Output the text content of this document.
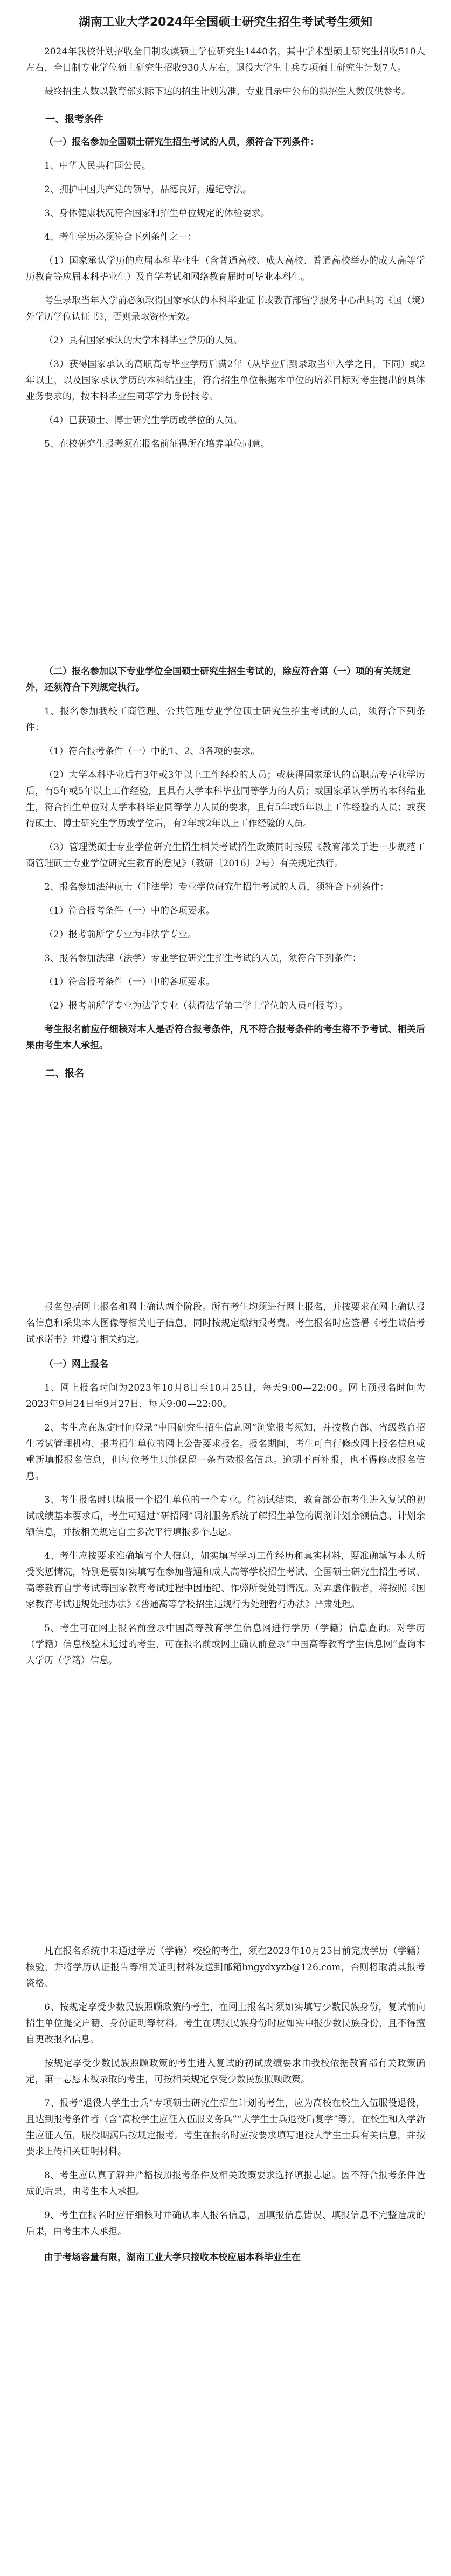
湖南工业大学2024年全国硕士研究生招生考试考生须知

2024年我校计划招收全日制攻读硕士学位研究生1440名，其中学术型硕士研究生招收510人左右，全日制专业学位硕士研究生招收930人左右，退役大学生士兵专项硕士研究生计划7人。

最终招生人数以教育部实际下达的招生计划为准，专业目录中公布的拟招生人数仅供参考。

一、报考条件
（一）报名参加全国硕士研究生招生考试的人员，须符合下列条件：

1、中华人民共和国公民。

2、拥护中国共产党的领导，品德良好，遵纪守法。

3、身体健康状况符合国家和招生单位规定的体检要求。

4、考生学历必须符合下列条件之一：

（1）国家承认学历的应届本科毕业生（含普通高校、成人高校、普通高校举办的成人高等学历教育等应届本科毕业生）及自学考试和网络教育届时可毕业本科生。

考生录取当年入学前必须取得国家承认的本科毕业证书或教育部留学服务中心出具的《国（境）外学历学位认证书》，否则录取资格无效。

（2）具有国家承认的大学本科毕业学历的人员。

（3）获得国家承认的高职高专毕业学历后满2年（从毕业后到录取当年入学之日，下同）或2年以上，以及国家承认学历的本科结业生，符合招生单位根据本单位的培养目标对考生提出的具体业务要求的，按本科毕业生同等学力身份报考。

（4）已获硕士、博士研究生学历或学位的人员。

5、在校研究生报考须在报名前征得所在培养单位同意。

（二）报名参加以下专业学位全国硕士研究生招生考试的，除应符合第（一）项的有关规定外，还须符合下列规定执行。

1、报名参加我校工商管理、公共管理专业学位硕士研究生招生考试的人员，须符合下列条件：

（1）符合报考条件（一）中的1、2、3各项的要求。

（2）大学本科毕业后有3年或3年以上工作经验的人员；或获得国家承认的高职高专毕业学历后，有5年或5年以上工作经验，且具有大学本科毕业同等学力的人员；或国家承认学历的本科结业生，符合招生单位对大学本科毕业同等学力人员的要求，且有5年或5年以上工作经验的人员；或获得硕士、博士研究生学历或学位后，有2年或2年以上工作经验的人员。

（3）管理类硕士专业学位研究生招生相关考试招生政策同时按照《教育部关于进一步规范工商管理硕士专业学位研究生教育的意见》（教研〔2016〕2号）有关规定执行。

2、报名参加法律硕士（非法学）专业学位研究生招生考试的人员，须符合下列条件：

（1）符合报考条件（一）中的各项要求。

（2）报考前所学专业为非法学专业。

3、报名参加法律（法学）专业学位研究生招生考试的人员，须符合下列条件：

（1）符合报考条件（一）中的各项要求。

（2）报考前所学专业为法学专业（获得法学第二学士学位的人员可报考）。

考生报名前应仔细核对本人是否符合报考条件，凡不符合报考条件的考生将不予考试、相关后果由考生本人承担。

二、报名

报名包括网上报名和网上确认两个阶段。所有考生均须进行网上报名，并按要求在网上确认报名信息和采集本人图像等相关电子信息，同时按规定缴纳报考费。考生报名时应签署《考生诚信考试承诺书》并遵守相关约定。

（一）网上报名

1、网上报名时间为2023年10月8日至10月25日，每天9:00—22:00。网上预报名时间为2023年9月24日至9月27日，每天9:00—22:00。

2、考生应在规定时间登录“中国研究生招生信息网”浏览报考须知，并按教育部、省级教育招生考试管理机构、报考招生单位的网上公告要求报名。报名期间，考生可自行修改网上报名信息或重新填报报名信息，但每位考生只能保留一条有效报名信息。逾期不再补报，也不得修改报名信息。

3、考生报名时只填报一个招生单位的一个专业。待初试结束，教育部公布考生进入复试的初试成绩基本要求后，考生可通过“研招网”调剂服务系统了解招生单位的调剂计划余额信息、计划余额信息，并按相关规定自主多次平行填报多个志愿。

4、考生应按要求准确填写个人信息，如实填写学习工作经历和真实材料，要准确填写本人所受奖惩情况，特别是要如实填写在参加普通和成人高等学校招生考试、全国硕士研究生招生考试、高等教育自学考试等国家教育考试过程中因违纪、作弊所受处罚情况。对弄虚作假者，将按照《国家教育考试违规处理办法》《普通高等学校招生违规行为处理暂行办法》严肃处理。

5、考生可在网上报名前登录中国高等教育学生信息网进行学历（学籍）信息查询。对学历（学籍）信息核验未通过的考生，可在报名前或网上确认前登录“中国高等教育学生信息网”查询本人学历（学籍）信息。

凡在报名系统中未通过学历（学籍）校验的考生，须在2023年10月25日前完成学历（学籍）核验，并将学历认证报告等相关证明材料发送到邮箱hngydxyzb@126.com，否则将取消其报考资格。

6、按规定享受少数民族照顾政策的考生，在网上报名时须如实填写少数民族身份，复试前向招生单位提交户籍、身份证明等材料。考生在填报民族身份时应如实申报少数民族身份，且不得擅自更改报名信息。

按规定享受少数民族照顾政策的考生进入复试的初试成绩要求由我校依据教育部有关政策确定，第一志愿未被录取的考生，可按相关规定享受少数民族照顾政策。

7、报考“退役大学生士兵”专项硕士研究生招生计划的考生，应为高校在校生入伍服役退役，且达到报考条件者（含“高校学生应征入伍服义务兵”“大学生士兵退役后复学”等），在校生和入学新生应征入伍，服役期满后按规定报考。考生在报名时应按要求填写退役大学生士兵有关信息，并按要求上传相关证明材料。

8、考生应认真了解并严格按照报考条件及相关政策要求选择填报志愿。因不符合报考条件造成的后果，由考生本人承担。

9、考生在报名时应仔细核对并确认本人报名信息，因填报信息错误、填报信息不完整造成的后果，由考生本人承担。

由于考场容量有限，湖南工业大学只接收本校应届本科毕业生在
